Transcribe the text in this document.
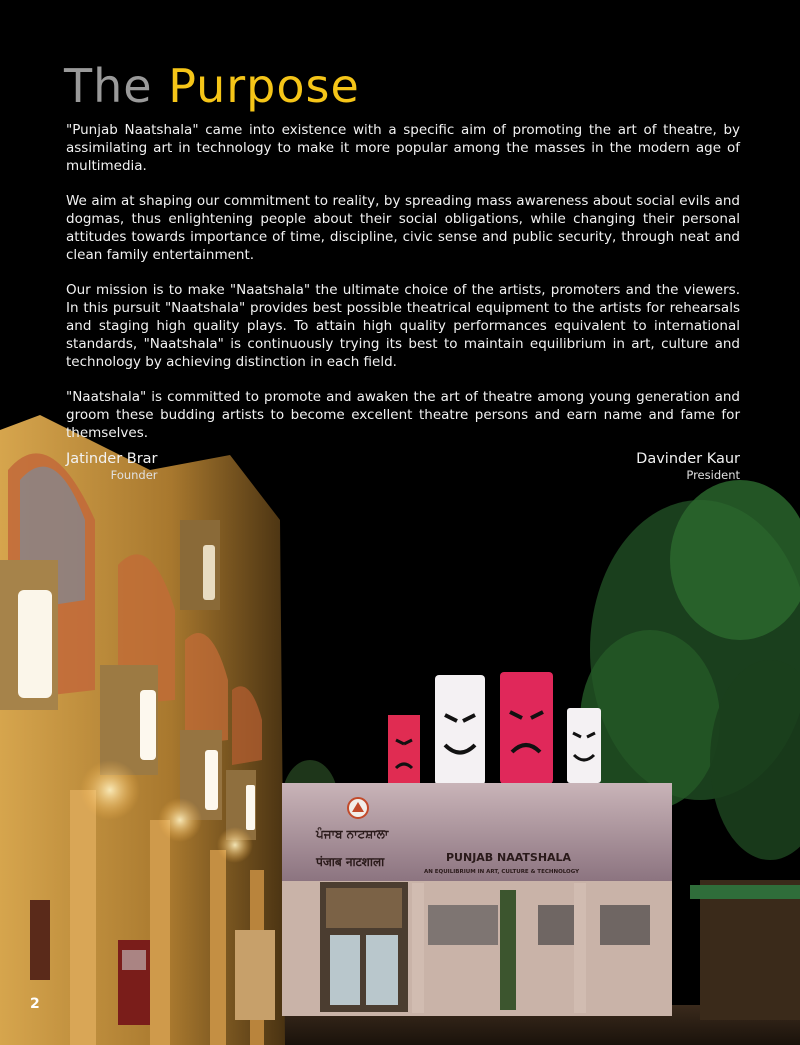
ਪੰਜਾਬ ਨਾਟਸ਼ਾਲਾ
पंजाब नाटशाला	PUNJAB NAATSHALA
AN EQUILIBRIUM IN ART, CULTURE & TECHNOLOGY
The Purpose

"Punjab Naatshala" came into existence with a specific aim of promoting the art of theatre, by assimilating art in technology to make it more popular among the masses in the modern age of multimedia.

We aim at shaping our commitment to reality, by spreading mass awareness about social evils and dogmas, thus enlightening people about their social obligations, while changing their personal attitudes towards importance of time, discipline, civic sense and public security, through neat and clean family entertainment.

Our mission is to make "Naatshala" the ultimate choice of the artists, promoters and the viewers. In this pursuit "Naatshala" provides best possible theatrical equipment to the artists for rehearsals and staging high quality plays. To attain high quality performances equivalent to international standards, "Naatshala" is continuously trying its best to maintain equilibrium in art, culture and technology by achieving distinction in each field.

"Naatshala" is committed to promote and awaken the art of theatre among young generation and groom these budding artists to become excellent theatre persons and earn name and fame for themselves.

Jatinder Brar
Founder
Davinder Kaur
President
2
